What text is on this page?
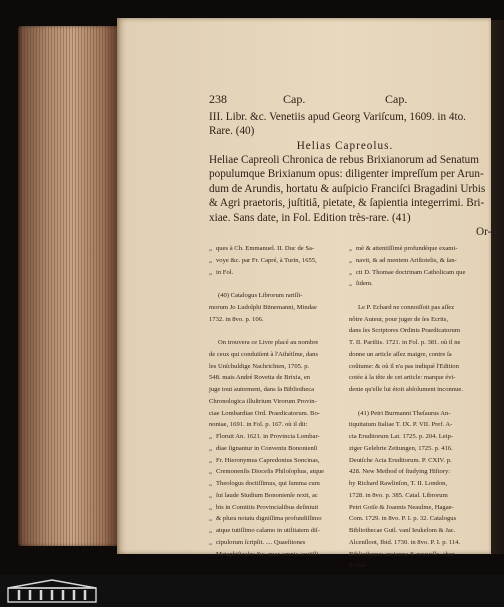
238	Cap.	Cap.
III. Libr. &c. Venetiis apud Georg Variſcum, 1609. in 4to.
Rare. (40)
Helias Capreolus.
Heliae Capreoli Chronica de rebus Brixianorum ad Senatum
populumque Brixianum opus: diligenter impreſſum per Arun-
dum de Arundis, hortatu & auſpicio Franciſci Bragadini Urbis
& Agri praetoris, juſtitiâ, pietate, & ſapientia integerrimi. Bri-
xiae. Sans date, in Fol. Edition très-rare. (41)
Or-
„ ques à Ch. Emmanuel. II. Duc de Sa-
„ voye &c. par Fr. Capré, à Turin, 1655,
„ in Fol.
(40) Catalogus Librorum rariſſi-
morum Jo Ludolphi Bünemanni, Mindae
1732. in 8vo. p. 106.
On trouvera ce Livre placé au nombre
de ceux qui conduiſent à l'Athéiſme, dans
les Unſchuldige Nachrichten, 1705. p.
548. mais André Rovetta de Brixia, en
juge tout autrement, dans ſa Bibliotheca
Chronologica illuſtrium Virorum Provin-
ciae Lombardiae Ord. Praedicatorum. Bo-
noniae, 1691. in Fol. p. 167. où il dit:
„ Floruit An. 1621. in Provincia Lombar-
„ diae ſignantur in Conventu Bononienſi
„ Fr. Hieronymus Capredonius Soncinas,
„ Cremonenſis Dioceſis Philoſophus, atque
„ Theologus doctiſſimus, qui ſumma cum
„ ſui laude Studium Bononienſe rexit, ac
„ bis in Comitiis Provincialibus deſiniuit
„ & plura notatu digniſſima profundiſſimo
„ atque tutiſſimo calamo in utilitatem diſ-
„ cipulorum ſcripſit. .... Quaeſtiones
„ Metaphiſicales &c. quae omnia acutiſſi-
„ mè & attentiſſimè profundèque exami-
„ navit, & ad mentem Ariſtotelis, & ſan-
„ cti D. Thomae doctrinam Catholicam que
„ ſidem.
Le P. Echard ne connoiſſoit pas aſſez
nôtre Auteur, pour juger de ſes Ecrits,
dans ſes Scriptores Ordinis Praedicatorum
T. II. Pariſiis. 1721. in Fol. p. 381. où il ne
donne un article aſſez maigre, contre ſa
coûtume: & où il n'a pas indiqué l'Edition
cotée à la tête de cet article: marque évi-
dente qu'elle lui étoit abſolument inconnue.
(41) Petri Burmanni Theſaurus An-
tiquitatum Italiae T. IX. P. VII. Pref. A-
cta Eruditorum Lat. 1725. p. 204. Leip-
ziger Gelehrte Zeitungen, 1725. p. 416.
Deutſche Acta Eruditorum. P. CXIV. p.
428. New Method of ſtudying Hiſtory:
by Richard Rawlinſon, T. II. London,
1728. in 8vo. p. 385. Catal. Librorum
Petri Goiſe & Joannis Neaulme, Hagae-
Com. 1729. in 8vo. P. I. p. 32. Catalogus
Bibliothecae Gutl. vanſ Ieukelom & Jac.
Alcenſloot, Ibid. 1730. in 8vo. P. I. p. 114.
Bibliotheque ancienne & nouvelle, chez
P. Gol-
